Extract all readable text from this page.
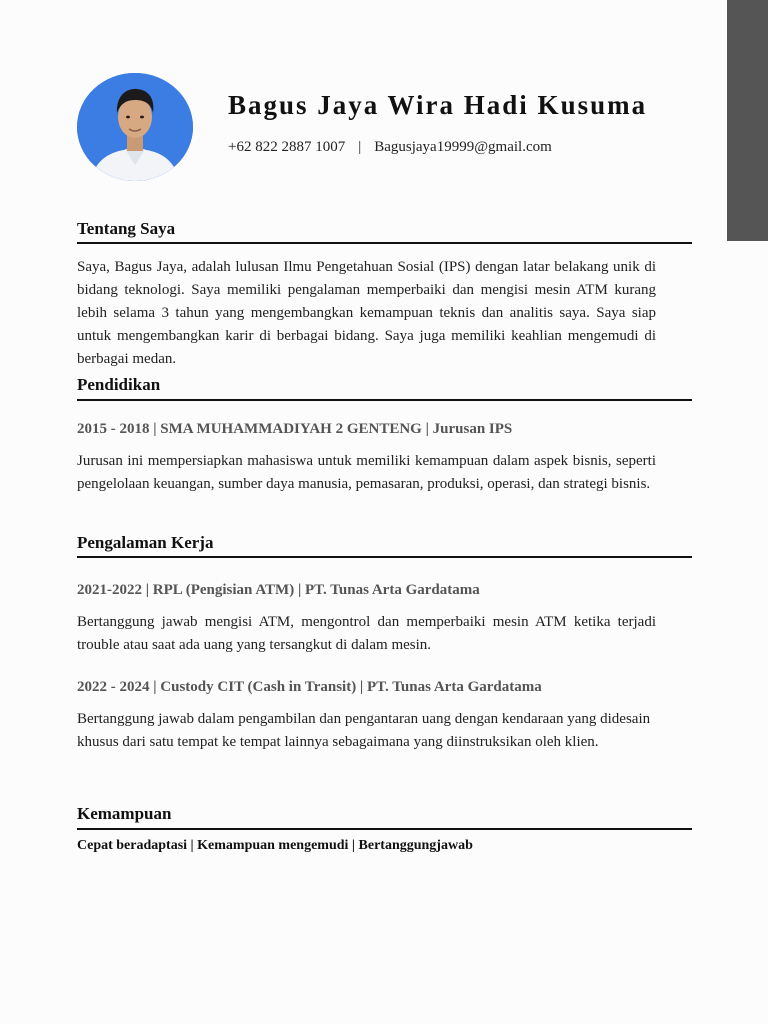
Bagus Jaya Wira Hadi Kusuma
+62 822 2887 1007 | Bagusjaya19999@gmail.com
Tentang Saya
Saya, Bagus Jaya, adalah lulusan Ilmu Pengetahuan Sosial (IPS) dengan latar belakang unik di bidang teknologi. Saya memiliki pengalaman memperbaiki dan mengisi mesin ATM kurang lebih selama 3 tahun yang mengembangkan kemampuan teknis dan analitis saya. Saya siap untuk mengembangkan karir di berbagai bidang. Saya juga memiliki keahlian mengemudi di berbagai medan.
Pendidikan
2015 - 2018 | SMA MUHAMMADIYAH 2 GENTENG | Jurusan IPS
Jurusan ini mempersiapkan mahasiswa untuk memiliki kemampuan dalam aspek bisnis, seperti pengelolaan keuangan, sumber daya manusia, pemasaran, produksi, operasi, dan strategi bisnis.
Pengalaman Kerja
2021-2022 | RPL (Pengisian ATM) | PT. Tunas Arta Gardatama
Bertanggung jawab mengisi ATM, mengontrol dan memperbaiki mesin ATM ketika terjadi trouble atau saat ada uang yang tersangkut di dalam mesin.
2022 - 2024 | Custody CIT (Cash in Transit) | PT. Tunas Arta Gardatama
Bertanggung jawab dalam pengambilan dan pengantaran uang dengan kendaraan yang didesain khusus dari satu tempat ke tempat lainnya sebagaimana yang diinstruksikan oleh klien.
Kemampuan
Cepat beradaptasi | Kemampuan mengemudi | Bertanggungjawab
